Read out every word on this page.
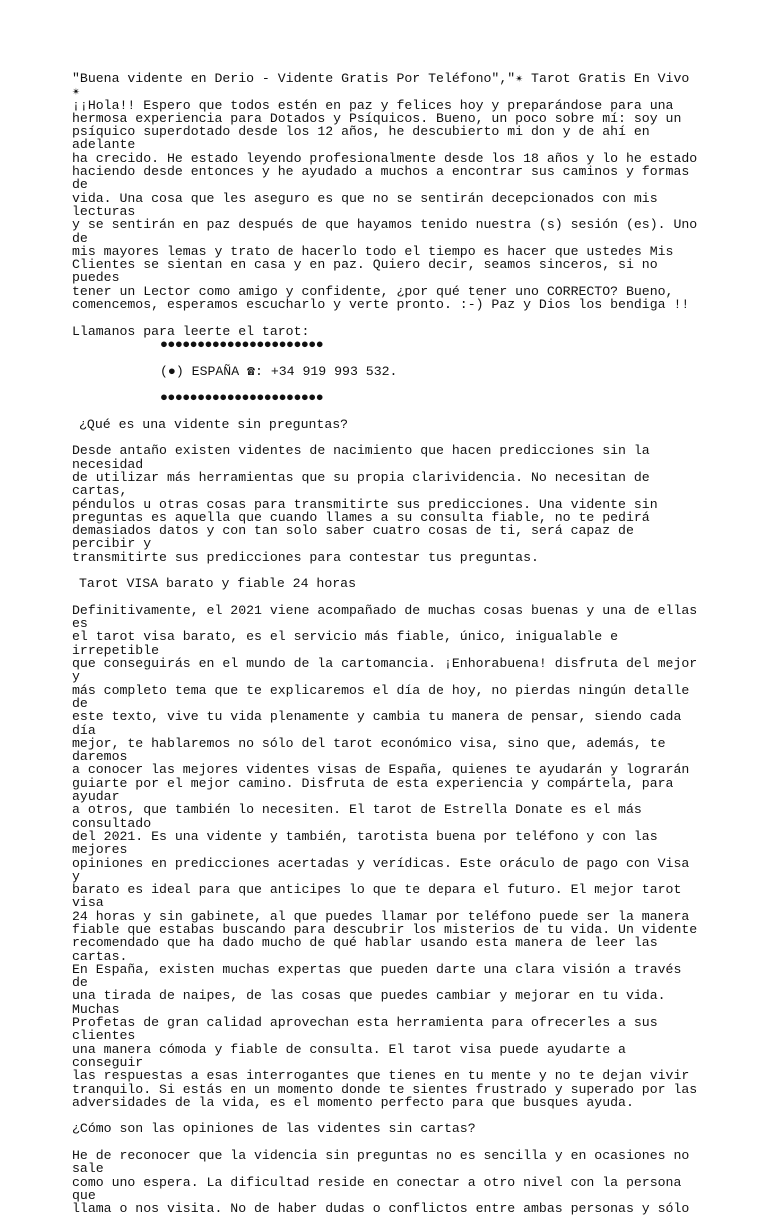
"Buena vidente en Derio - Vidente Gratis Por Teléfono","✴ Tarot Gratis En Vivo ✴
¡¡Hola!! Espero que todos estén en paz y felices hoy y preparándose para una
hermosa experiencia para Dotados y Psíquicos. Bueno, un poco sobre mí: soy un
psíquico superdotado desde los 12 años, he descubierto mi don y de ahí en adelante
ha crecido. He estado leyendo profesionalmente desde los 18 años y lo he estado
haciendo desde entonces y he ayudado a muchos a encontrar sus caminos y formas de
vida. Una cosa que les aseguro es que no se sentirán decepcionados con mis lecturas
y se sentirán en paz después de que hayamos tenido nuestra (s) sesión (es). Uno de
mis mayores lemas y trato de hacerlo todo el tiempo es hacer que ustedes Mis
Clientes se sientan en casa y en paz. Quiero decir, seamos sinceros, si no puedes
tener un Lector como amigo y confidente, ¿por qué tener uno CORRECTO? Bueno,
comencemos, esperamos escucharlo y verte pronto. :-) Paz y Dios los bendiga !!

Llamanos para leerte el tarot:

●●●●●●●●●●●●●●●●●●●●●●

(●) ESPAÑA ☎: +34 919 993 532.

●●●●●●●●●●●●●●●●●●●●●●

¿Qué es una vidente sin preguntas?

Desde antaño existen videntes de nacimiento que hacen predicciones sin la necesidad
de utilizar más herramientas que su propia clarividencia. No necesitan de cartas,
péndulos u otras cosas para transmitirte sus predicciones. Una vidente sin
preguntas es aquella que cuando llames a su consulta fiable, no te pedirá
demasiados datos y con tan solo saber cuatro cosas de ti, será capaz de percibir y
transmitirte sus predicciones para contestar tus preguntas.

Tarot VISA barato y fiable 24 horas

Definitivamente, el 2021 viene acompañado de muchas cosas buenas y una de ellas es
el tarot visa barato, es el servicio más fiable, único, inigualable e irrepetible
que conseguirás en el mundo de la cartomancia. ¡Enhorabuena! disfruta del mejor y
más completo tema que te explicaremos el día de hoy, no pierdas ningún detalle de
este texto, vive tu vida plenamente y cambia tu manera de pensar, siendo cada día
mejor, te hablaremos no sólo del tarot económico visa, sino que, además, te daremos
a conocer las mejores videntes visas de España, quienes te ayudarán y lograrán
guiarte por el mejor camino. Disfruta de esta experiencia y compártela, para ayudar
a otros, que también lo necesiten. El tarot de Estrella Donate es el más consultado
del 2021. Es una vidente y también, tarotista buena por teléfono y con las mejores
opiniones en predicciones acertadas y verídicas. Este oráculo de pago con Visa y
barato es ideal para que anticipes lo que te depara el futuro. El mejor tarot visa
24 horas y sin gabinete, al que puedes llamar por teléfono puede ser la manera
fiable que estabas buscando para descubrir los misterios de tu vida. Un vidente
recomendado que ha dado mucho de qué hablar usando esta manera de leer las cartas.
En España, existen muchas expertas que pueden darte una clara visión a través de
una tirada de naipes, de las cosas que puedes cambiar y mejorar en tu vida. Muchas
Profetas de gran calidad aprovechan esta herramienta para ofrecerles a sus clientes
una manera cómoda y fiable de consulta. El tarot visa puede ayudarte a conseguir
las respuestas a esas interrogantes que tienes en tu mente y no te dejan vivir
tranquilo. Si estás en un momento donde te sientes frustrado y superado por las
adversidades de la vida, es el momento perfecto para que busques ayuda.

¿Cómo son las opiniones de las videntes sin cartas?

He de reconocer que la videncia sin preguntas no es sencilla y en ocasiones no sale
como uno espera. La dificultad reside en conectar a otro nivel con la persona que
llama o nos visita. No de haber dudas o conflictos entre ambas personas y sólo
